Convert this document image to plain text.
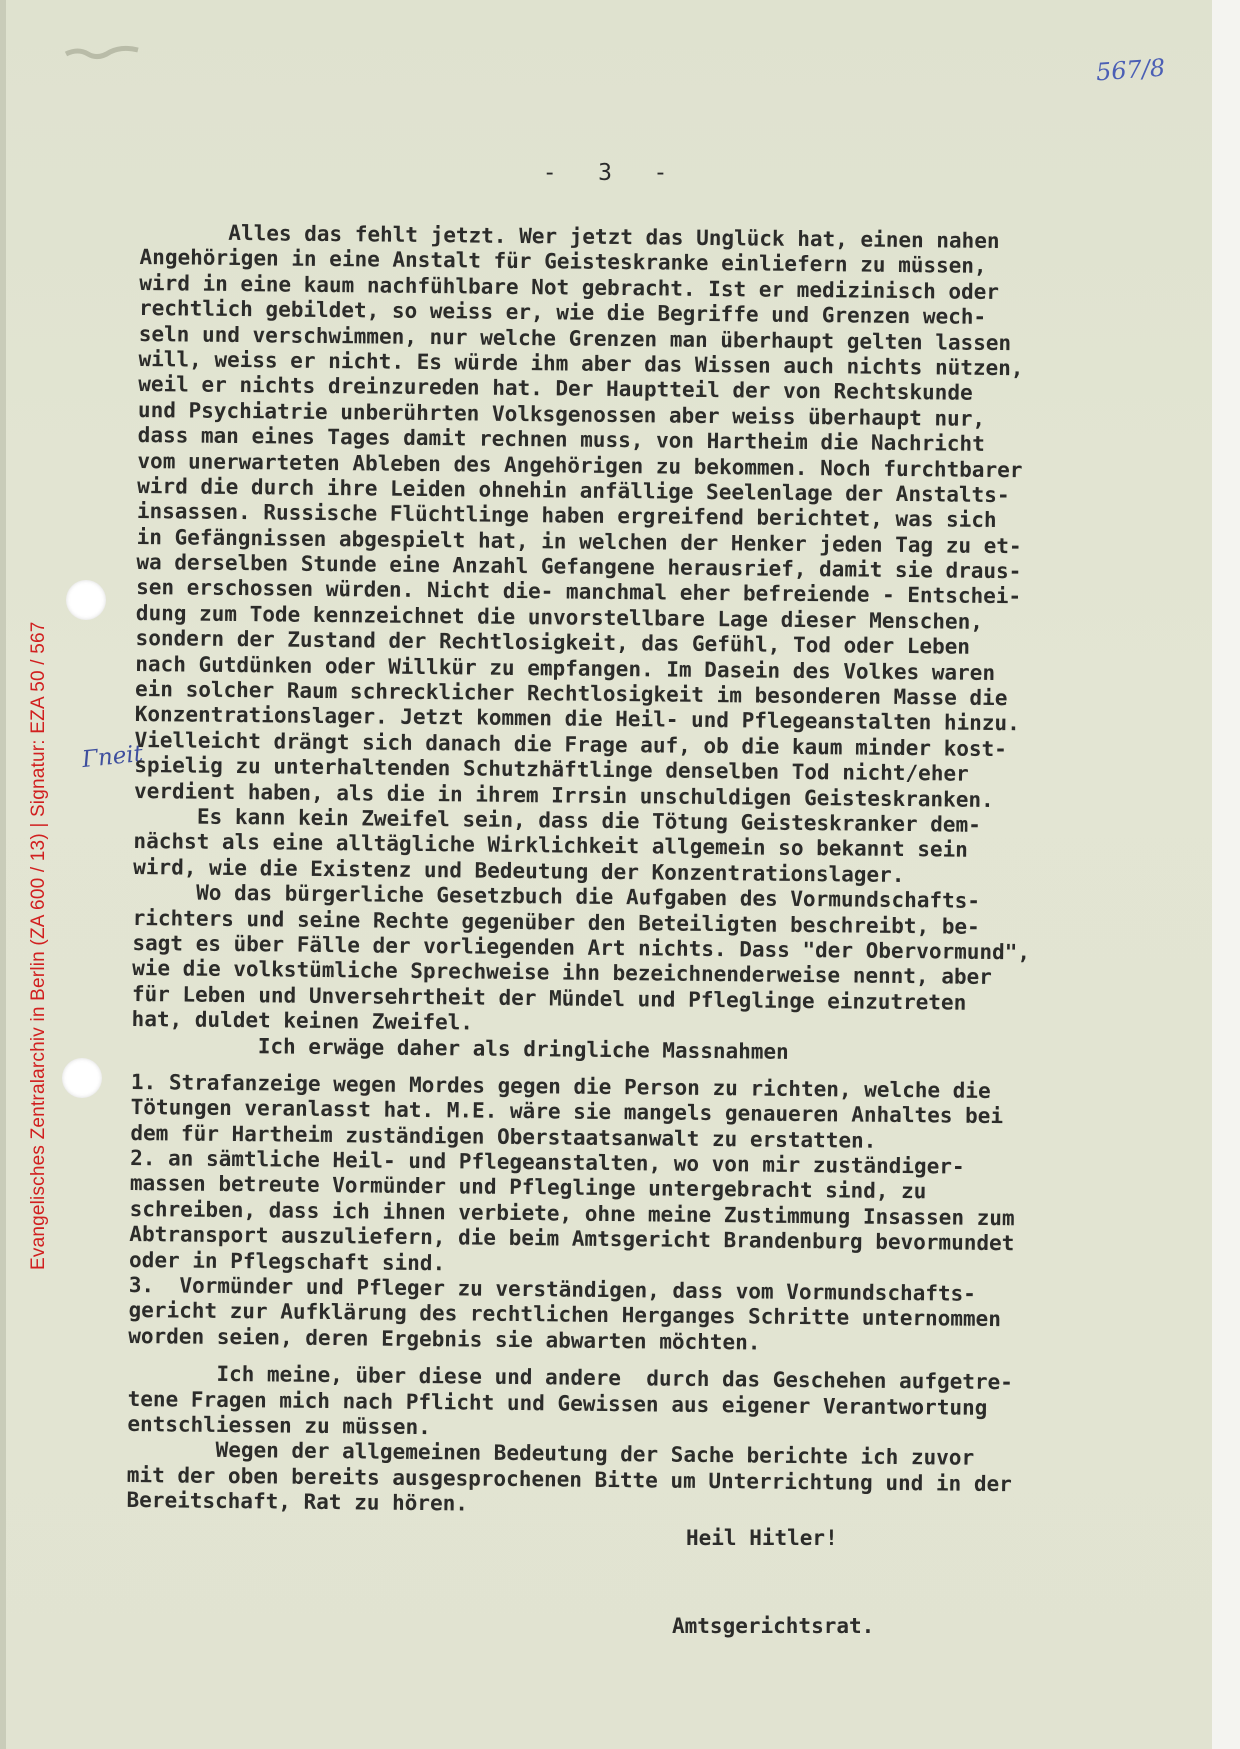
Evangelisches Zentralarchiv in Berlin (ZA 600 / 13) | Signatur: EZA 50 / 567
567/8
-   3   -
Γneit
Alles das fehlt jetzt. Wer jetzt das Unglück hat, einen nahen
Angehörigen in eine Anstalt für Geisteskranke einliefern zu müssen,
wird in eine kaum nachfühlbare Not gebracht. Ist er medizinisch oder
rechtlich gebildet, so weiss er, wie die Begriffe und Grenzen wech-
seln und verschwimmen, nur welche Grenzen man überhaupt gelten lassen
will, weiss er nicht. Es würde ihm aber das Wissen auch nichts nützen,
weil er nichts dreinzureden hat. Der Hauptteil der von Rechtskunde
und Psychiatrie unberührten Volksgenossen aber weiss überhaupt nur,
dass man eines Tages damit rechnen muss, von Hartheim die Nachricht
vom unerwarteten Ableben des Angehörigen zu bekommen. Noch furchtbarer
wird die durch ihre Leiden ohnehin anfällige Seelenlage der Anstalts-
insassen. Russische Flüchtlinge haben ergreifend berichtet, was sich
in Gefängnissen abgespielt hat, in welchen der Henker jeden Tag zu et-
wa derselben Stunde eine Anzahl Gefangene herausrief, damit sie draus-
sen erschossen würden. Nicht die- manchmal eher befreiende - Entschei-
dung zum Tode kennzeichnet die unvorstellbare Lage dieser Menschen,
sondern der Zustand der Rechtlosigkeit, das Gefühl, Tod oder Leben
nach Gutdünken oder Willkür zu empfangen. Im Dasein des Volkes waren
ein solcher Raum schrecklicher Rechtlosigkeit im besonderen Masse die
Konzentrationslager. Jetzt kommen die Heil- und Pflegeanstalten hinzu.
Vielleicht drängt sich danach die Frage auf, ob die kaum minder kost-
spielig zu unterhaltenden Schutzhäftlinge denselben Tod nicht/eher
verdient haben, als die in ihrem Irrsin unschuldigen Geisteskranken.
Es kann kein Zweifel sein, dass die Tötung Geisteskranker dem-
nächst als eine alltägliche Wirklichkeit allgemein so bekannt sein
wird, wie die Existenz und Bedeutung der Konzentrationslager.
Wo das bürgerliche Gesetzbuch die Aufgaben des Vormundschafts-
richters und seine Rechte gegenüber den Beteiligten beschreibt, be-
sagt es über Fälle der vorliegenden Art nichts. Dass "der Obervormund",
wie die volkstümliche Sprechweise ihn bezeichnenderweise nennt, aber
für Leben und Unversehrtheit der Mündel und Pfleglinge einzutreten
hat, duldet keinen Zweifel.
Ich erwäge daher als dringliche Massnahmen
1. Strafanzeige wegen Mordes gegen die Person zu richten, welche die
Tötungen veranlasst hat. M.E. wäre sie mangels genaueren Anhaltes bei
dem für Hartheim zuständigen Oberstaatsanwalt zu erstatten.
2. an sämtliche Heil- und Pflegeanstalten, wo von mir zuständiger-
massen betreute Vormünder und Pfleglinge untergebracht sind, zu
schreiben, dass ich ihnen verbiete, ohne meine Zustimmung Insassen zum
Abtransport auszuliefern, die beim Amtsgericht Brandenburg bevormundet
oder in Pflegschaft sind.
3.  Vormünder und Pfleger zu verständigen, dass vom Vormundschafts-
gericht zur Aufklärung des rechtlichen Herganges Schritte unternommen
worden seien, deren Ergebnis sie abwarten möchten.
Ich meine, über diese und andere  durch das Geschehen aufgetre-
tene Fragen mich nach Pflicht und Gewissen aus eigener Verantwortung
entschliessen zu müssen.
Wegen der allgemeinen Bedeutung der Sache berichte ich zuvor
mit der oben bereits ausgesprochenen Bitte um Unterrichtung und in der
Bereitschaft, Rat zu hören.
Heil Hitler!
Amtsgerichtsrat.
